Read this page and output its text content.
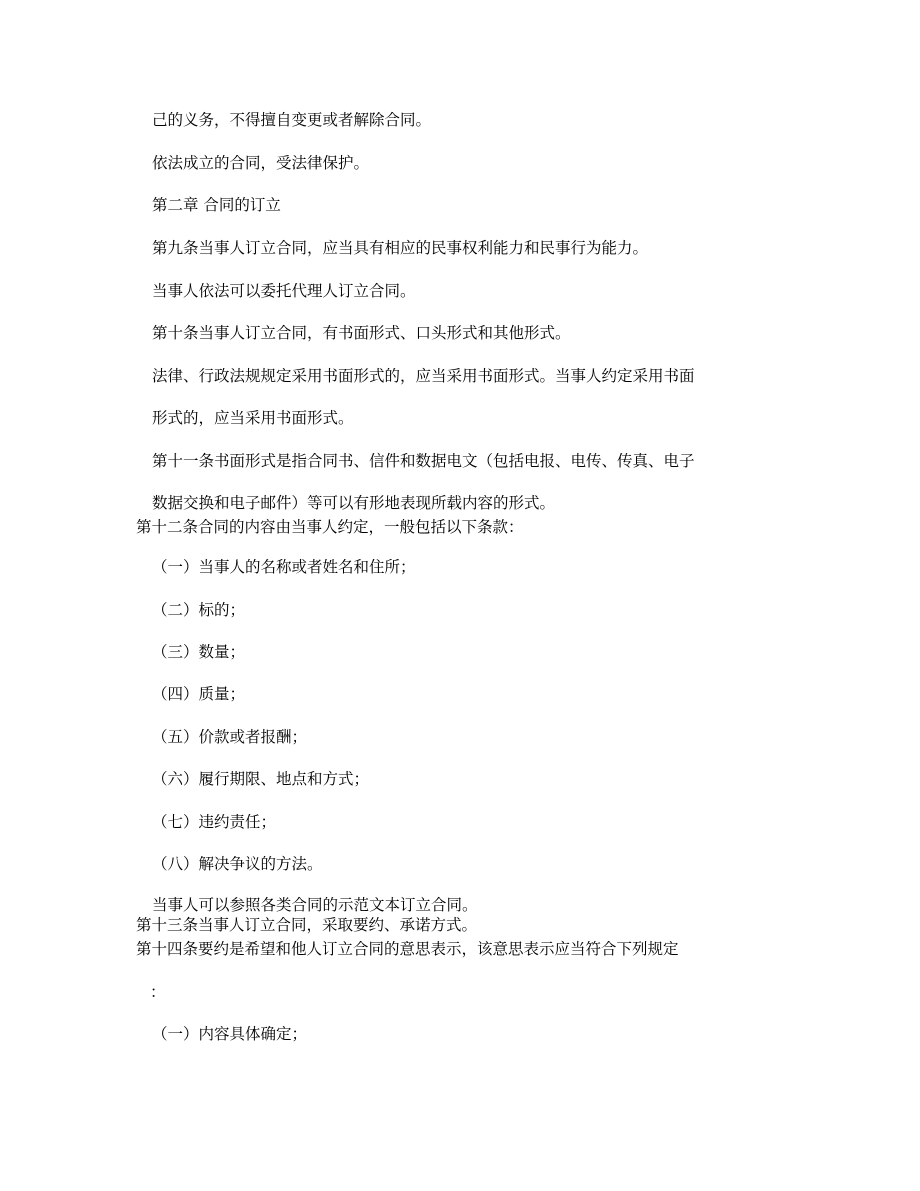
己的义务，不得擅自变更或者解除合同。
依法成立的合同，受法律保护。
第二章 合同的订立
第九条当事人订立合同，应当具有相应的民事权利能力和民事行为能力。
当事人依法可以委托代理人订立合同。
第十条当事人订立合同，有书面形式、口头形式和其他形式。
法律、行政法规规定采用书面形式的，应当采用书面形式。当事人约定采用书面
形式的，应当采用书面形式。
第十一条书面形式是指合同书、信件和数据电文（包括电报、电传、传真、电子
数据交换和电子邮件）等可以有形地表现所载内容的形式。
第十二条合同的内容由当事人约定，一般包括以下条款：
（一）当事人的名称或者姓名和住所；
（二）标的；
（三）数量；
（四）质量；
（五）价款或者报酬；
（六）履行期限、地点和方式；
（七）违约责任；
（八）解决争议的方法。
当事人可以参照各类合同的示范文本订立合同。
第十三条当事人订立合同，采取要约、承诺方式。
第十四条要约是希望和他人订立合同的意思表示，该意思表示应当符合下列规定
：
（一）内容具体确定；
